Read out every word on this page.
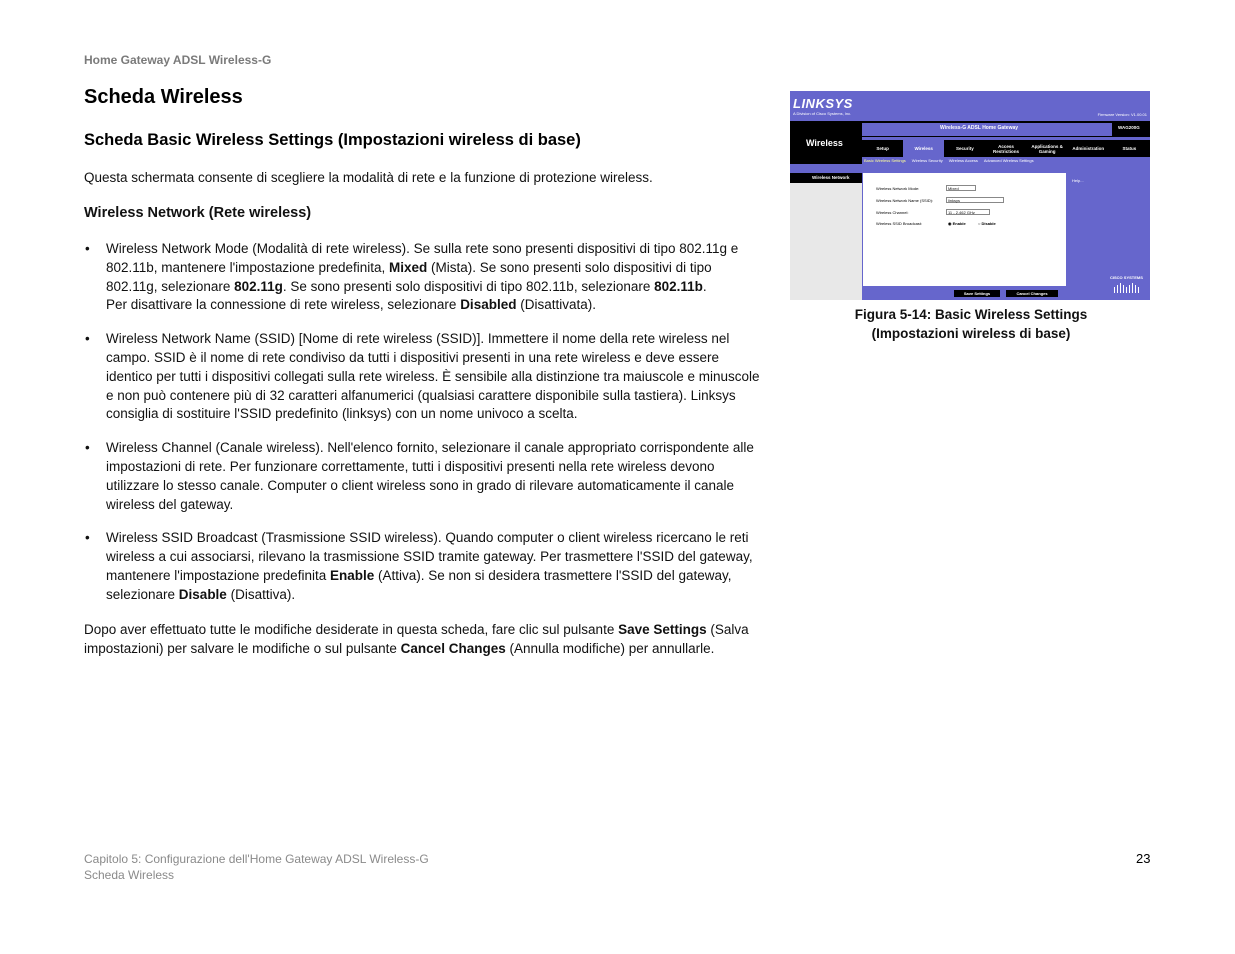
Home Gateway ADSL Wireless-G
Scheda Wireless
Scheda Basic Wireless Settings (Impostazioni wireless di base)
Questa schermata consente di scegliere la modalità di rete e la funzione di protezione wireless.
Wireless Network (Rete wireless)
• Wireless Network Mode (Modalità di rete wireless). Se sulla rete sono presenti dispositivi di tipo 802.11g e 802.11b, mantenere l'impostazione predefinita, Mixed (Mista). Se sono presenti solo dispositivi di tipo 802.11g, selezionare 802.11g. Se sono presenti solo dispositivi di tipo 802.11b, selezionare 802.11b.
Per disattivare la connessione di rete wireless, selezionare Disabled (Disattivata).
• Wireless Network Name (SSID) [Nome di rete wireless (SSID)]. Immettere il nome della rete wireless nel campo. SSID è il nome di rete condiviso da tutti i dispositivi presenti in una rete wireless e deve essere identico per tutti i dispositivi collegati sulla rete wireless. È sensibile alla distinzione tra maiuscole e minuscole e non può contenere più di 32 caratteri alfanumerici (qualsiasi carattere disponibile sulla tastiera). Linksys consiglia di sostituire l'SSID predefinito (linksys) con un nome univoco a scelta.
• Wireless Channel (Canale wireless). Nell'elenco fornito, selezionare il canale appropriato corrispondente alle impostazioni di rete. Per funzionare correttamente, tutti i dispositivi presenti nella rete wireless devono utilizzare lo stesso canale. Computer o client wireless sono in grado di rilevare automaticamente il canale wireless del gateway.
• Wireless SSID Broadcast (Trasmissione SSID wireless). Quando computer o client wireless ricercano le reti wireless a cui associarsi, rilevano la trasmissione SSID tramite gateway. Per trasmettere l'SSID del gateway, mantenere l'impostazione predefinita Enable (Attiva). Se non si desidera trasmettere l'SSID del gateway, selezionare Disable (Disattiva).
Dopo aver effettuato tutte le modifiche desiderate in questa scheda, fare clic sul pulsante Save Settings (Salva impostazioni) per salvare le modifiche o sul pulsante Cancel Changes (Annulla modifiche) per annullarle.
LINKSYS
A Division of Cisco Systems, Inc.	Firmware Version: V1.00.01
Wireless
Wireless-G ADSL Home Gateway	WAG200G
Setup	Wireless	Security	Access Restrictions
Applications & Gaming	Administration	Status
Basic Wireless Settings Wireless Security Wireless Access Advanced Wireless Settings
Wireless Network
Wireless Network Mode:	Mixed
Wireless Network Name (SSID):	linksys
Wireless Channel:	11 - 2.462 GHz
Wireless SSID Broadcast:	◉ Enable	○ Disable
Help...
Save Settings	Cancel Changes
CISCO SYSTEMS
Figura 5-14: Basic Wireless Settings
(Impostazioni wireless di base)
Capitolo 5: Configurazione dell'Home Gateway ADSL Wireless-G
Scheda Wireless
23
